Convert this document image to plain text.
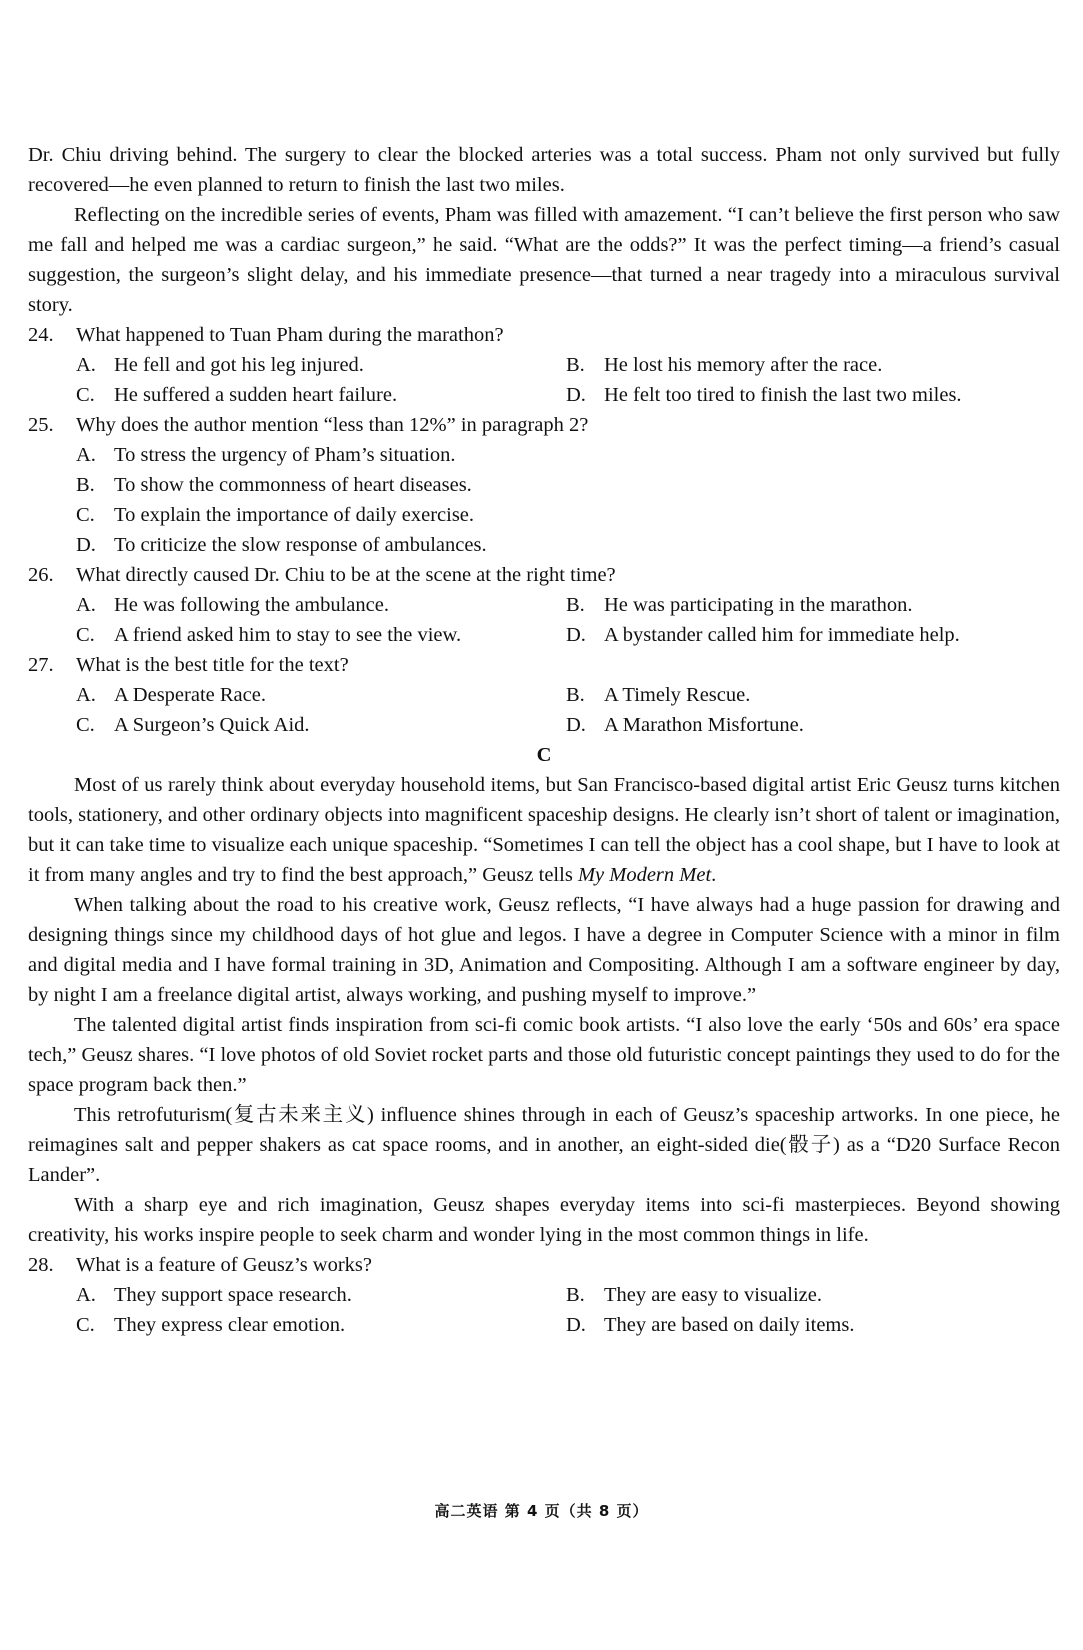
Dr. Chiu driving behind. The surgery to clear the blocked arteries was a total success. Pham not only survived but fully recovered—he even planned to return to finish the last two miles.

Reflecting on the incredible series of events, Pham was filled with amazement. “I can’t believe the first person who saw me fall and helped me was a cardiac surgeon,” he said. “What are the odds?” It was the perfect timing—a friend’s casual suggestion, the surgeon’s slight delay, and his immediate presence—that turned a near tragedy into a miraculous survival story.

24. What happened to Tuan Pham during the marathon?

A. He fell and got his leg injured.	B. He lost his memory after the race.
C. He suffered a sudden heart failure.	D. He felt too tired to finish the last two miles.

25. Why does the author mention “less than 12%” in paragraph 2?

A. To stress the urgency of Pham’s situation.
B. To show the commonness of heart diseases.
C. To explain the importance of daily exercise.
D. To criticize the slow response of ambulances.

26. What directly caused Dr. Chiu to be at the scene at the right time?

A. He was following the ambulance.	B. He was participating in the marathon.
C. A friend asked him to stay to see the view.	D. A bystander called him for immediate help.

27. What is the best title for the text?

A. A Desperate Race.	B. A Timely Rescue.
C. A Surgeon’s Quick Aid.	D. A Marathon Misfortune.

C

Most of us rarely think about everyday household items, but San Francisco-based digital artist Eric Geusz turns kitchen tools, stationery, and other ordinary objects into magnificent spaceship designs. He clearly isn’t short of talent or imagination, but it can take time to visualize each unique spaceship. “Sometimes I can tell the object has a cool shape, but I have to look at it from many angles and try to find the best approach,” Geusz tells My Modern Met.

When talking about the road to his creative work, Geusz reflects, “I have always had a huge passion for drawing and designing things since my childhood days of hot glue and legos. I have a degree in Computer Science with a minor in film and digital media and I have formal training in 3D, Animation and Compositing. Although I am a software engineer by day, by night I am a freelance digital artist, always working, and pushing myself to improve.”

The talented digital artist finds inspiration from sci-fi comic book artists. “I also love the early ‘50s and 60s’ era space tech,” Geusz shares. “I love photos of old Soviet rocket parts and those old futuristic concept paintings they used to do for the space program back then.”

This retrofuturism(复古未来主义) influence shines through in each of Geusz’s spaceship artworks. In one piece, he reimagines salt and pepper shakers as cat space rooms, and in another, an eight-sided die(骰子) as a “D20 Surface Recon Lander”.

With a sharp eye and rich imagination, Geusz shapes everyday items into sci-fi masterpieces. Beyond showing creativity, his works inspire people to seek charm and wonder lying in the most common things in life.

28. What is a feature of Geusz’s works?

A. They support space research.	B. They are easy to visualize.
C. They express clear emotion.	D. They are based on daily items.
高二英语 第 4 页（共 8 页）
